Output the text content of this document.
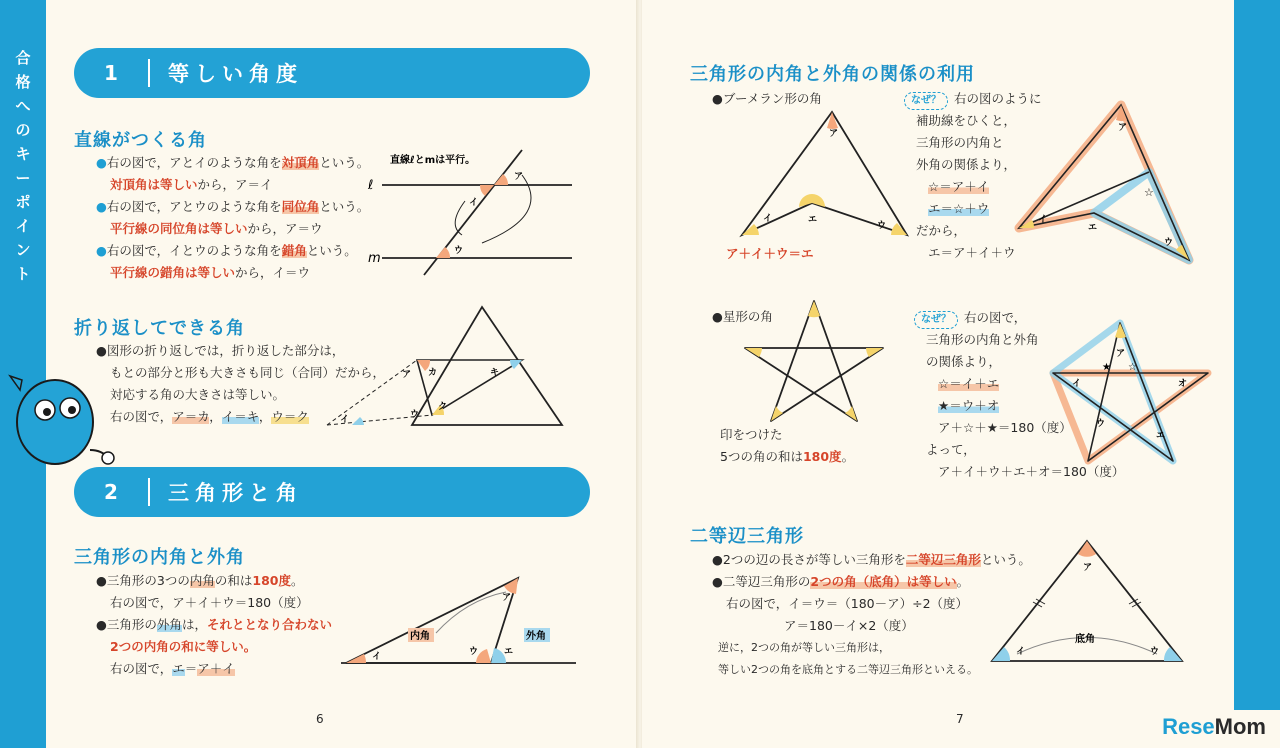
合格へのキーポイント
1	等しい角度
直線がつくる角
●右の図で，アとイのような角を対頂角という。
対頂角は等しいから，ア＝イ
●右の図で，アとウのような角を同位角という。
平行線の同位角は等しいから，ア＝ウ
●右の図で，イとウのような角を錯角という。
平行線の錯角は等しいから，イ＝ウ
直線ℓとmは平行。
ℓ
m
ア
イ
ウ
折り返してできる角
●図形の折り返しでは，折り返した部分は，
もとの部分と形も大きさも同じ（合同）だから，
対応する角の大きさは等しい。
右の図で，ア＝カ，イ＝キ，ウ＝ク
ア カ	キ
ウ
ク
イ
2	三角形と角
三角形の内角と外角
●三角形の3つの内角の和は180度。
右の図で，ア＋イ＋ウ＝180（度）
●三角形の外角は，それととなり合わない
2つの内角の和に等しい。
右の図で，エ＝ア＋イ
イ
ア
ウ	エ
内角	外角
6
三角形の内角と外角の関係の利用
●ブーメラン形の角
ア
イ
ウ
エ
ア＋イ＋ウ＝エ
なぜ？ 右の図のように
補助線をひくと，
三角形の内角と
外角の関係より，
☆＝ア＋イ
エ＝☆＋ウ
だから，
エ＝ア＋イ＋ウ
ア
イ
ウ
エ
☆
●星形の角
印をつけた
5つの角の和は180度。
なぜ？ 右の図で，
三角形の内角と外角
の関係より，
☆＝イ＋エ
★＝ウ＋オ
ア＋☆＋★＝180（度）
よって，
ア＋イ＋ウ＋エ＋オ＝180（度）
ア
イ	オ
ウ
エ
★ ☆
二等辺三角形
●2つの辺の長さが等しい三角形を二等辺三角形という。
●二等辺三角形の2つの角（底角）は等しい。
右の図で，イ＝ウ＝（180－ア）÷2（度）
ア＝180－イ×2（度）
逆に，2つの角が等しい三角形は，
等しい2つの角を底角とする二等辺三角形といえる。
ア
イ	ウ
底角
7	ReseMom
